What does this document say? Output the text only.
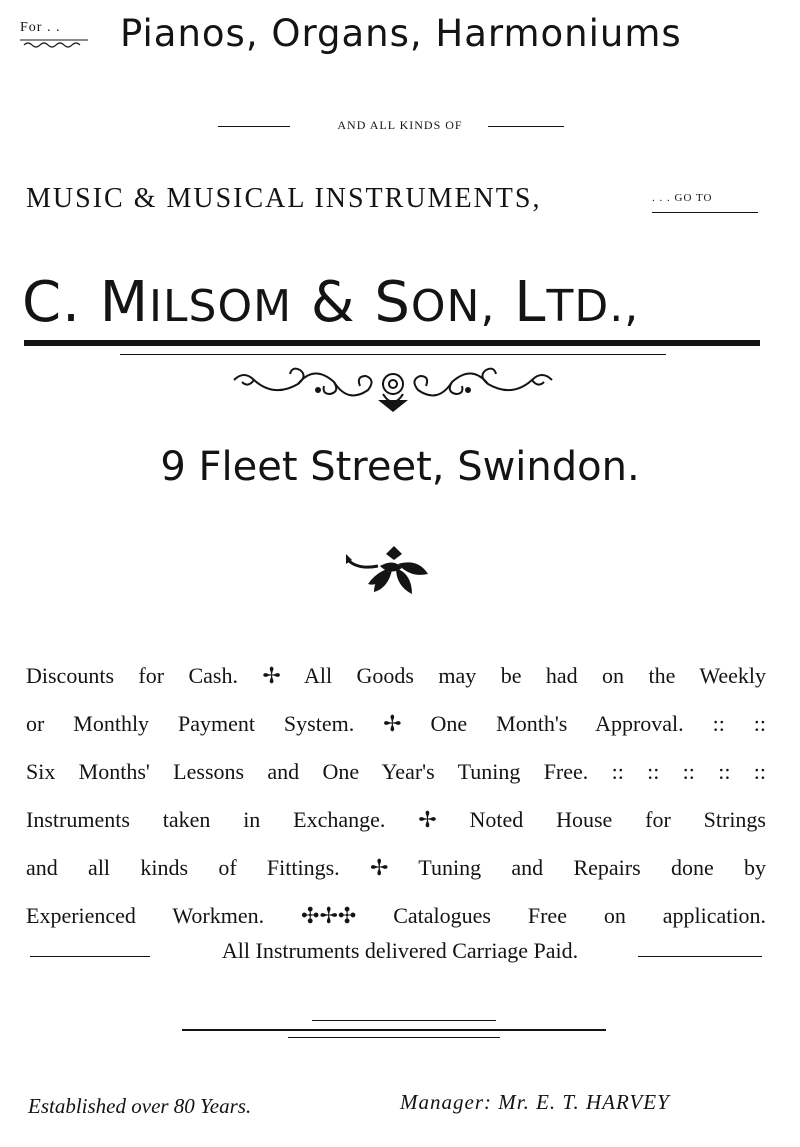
For . . Pianos, Organs, Harmoniums
AND ALL KINDS OF
MUSIC & MUSICAL INSTRUMENTS,	. . . GO TO
C. MILSOM & SON, LTD.,
9 Fleet Street, Swindon.
Discounts for Cash. ✢ All Goods may be had on the Weekly
or Monthly Payment System. ✢ One Month's Approval. :: ::
Six Months' Lessons and One Year's Tuning Free. :: :: :: :: ::
Instruments taken in Exchange. ✢ Noted House for Strings
and all kinds of Fittings. ✢ Tuning and Repairs done by
Experienced Workmen. ✣✢✣ Catalogues Free on application.
All Instruments delivered Carriage Paid.
Established over 80 Years.	Manager: Mr. E. T. HARVEY
